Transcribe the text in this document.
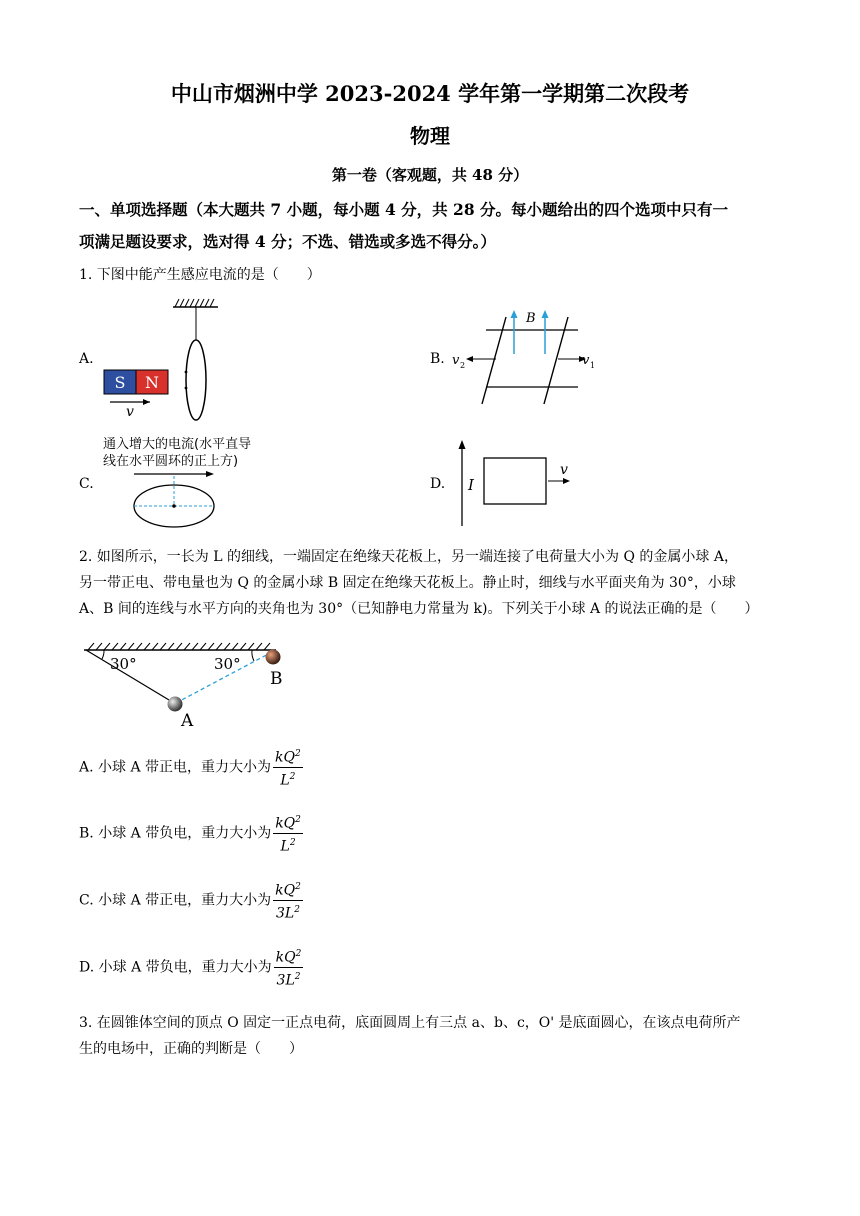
中山市烟洲中学 2023-2024 学年第一学期第二次段考
物理
第一卷（客观题，共 48 分）
一、单项选择题（本大题共 7 小题，每小题 4 分，共 28 分。每小题给出的四个选项中只有一
项满足题设要求，选对得 4 分；不选、错选或多选不得分。）
1. 下图中能产生感应电流的是（　　）
A.
S N
v
B.
B
v 2	v 1
C.
通入增大的电流(水平直导
线在水平圆环的正上方)
D. I
v
2. 如图所示，一长为 L 的细线，一端固定在绝缘天花板上，另一端连接了电荷量大小为 Q 的金属小球 A，
另一带正电、带电量也为 Q 的金属小球 B 固定在绝缘天花板上。静止时，细线与水平面夹角为 30°，小球
A、B 间的连线与水平方向的夹角也为 30°（已知静电力常量为 k)。下列关于小球 A 的说法正确的是（　　）
30°	30°
A
B
A. 小球 A 带正电，重力大小为 $\frac{kQ^2}{L^2}$
B. 小球 A 带负电，重力大小为 $\frac{kQ^2}{L^2}$
C. 小球 A 带正电，重力大小为 $\frac{kQ^2}{3L^2}$
D. 小球 A 带负电，重力大小为 $\frac{kQ^2}{3L^2}$
3. 在圆锥体空间的顶点 O 固定一正点电荷，底面圆周上有三点 a、b、c，O' 是底面圆心，在该点电荷所产
生的电场中，正确的判断是（　　）
